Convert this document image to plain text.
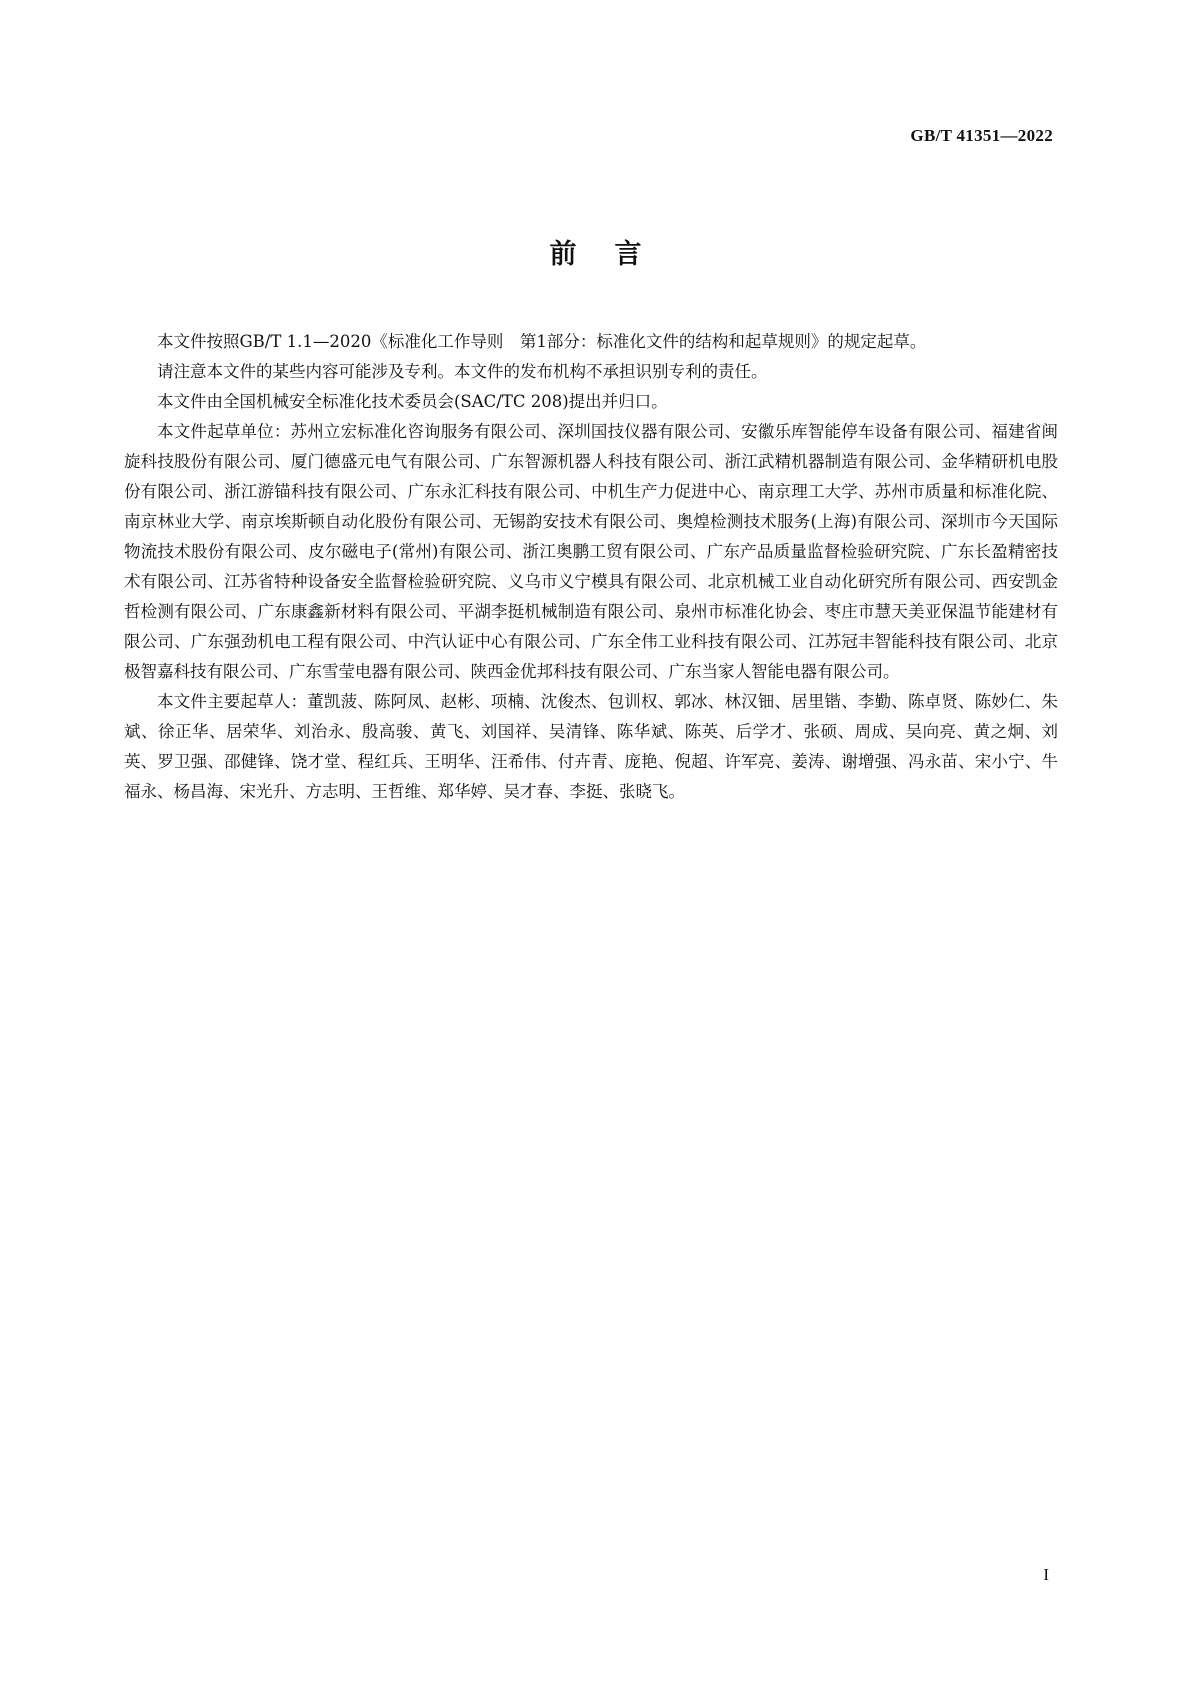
GB/T 41351—2022
前言

本文件按照GB/T 1.1—2020《标准化工作导则　第1部分：标准化文件的结构和起草规则》的规定起草。

请注意本文件的某些内容可能涉及专利。本文件的发布机构不承担识别专利的责任。

本文件由全国机械安全标准化技术委员会(SAC/TC 208)提出并归口。

本文件起草单位：苏州立宏标准化咨询服务有限公司、深圳国技仪器有限公司、安徽乐库智能停车设备有限公司、福建省闽旋科技股份有限公司、厦门德盛元电气有限公司、广东智源机器人科技有限公司、浙江武精机器制造有限公司、金华精研机电股份有限公司、浙江游锚科技有限公司、广东永汇科技有限公司、中机生产力促进中心、南京理工大学、苏州市质量和标准化院、南京林业大学、南京埃斯顿自动化股份有限公司、无锡韵安技术有限公司、奥煌检测技术服务(上海)有限公司、深圳市今天国际物流技术股份有限公司、皮尔磁电子(常州)有限公司、浙江奥鹏工贸有限公司、广东产品质量监督检验研究院、广东长盈精密技术有限公司、江苏省特种设备安全监督检验研究院、义乌市义宁模具有限公司、北京机械工业自动化研究所有限公司、西安凯金哲检测有限公司、广东康鑫新材料有限公司、平湖李挺机械制造有限公司、泉州市标准化协会、枣庄市慧天美亚保温节能建材有限公司、广东强劲机电工程有限公司、中汽认证中心有限公司、广东全伟工业科技有限公司、江苏冠丰智能科技有限公司、北京极智嘉科技有限公司、广东雪莹电器有限公司、陕西金优邦科技有限公司、广东当家人智能电器有限公司。

本文件主要起草人：董凯菠、陈阿凤、赵彬、项楠、沈俊杰、包训权、郭冰、林汉钿、居里锴、李勤、陈卓贤、陈妙仁、朱斌、徐正华、居荣华、刘治永、殷高骏、黄飞、刘国祥、吴清锋、陈华斌、陈英、后学才、张硕、周成、吴向亮、黄之炯、刘英、罗卫强、邵健锋、饶才堂、程红兵、王明华、汪希伟、付卉青、庞艳、倪超、许军亮、姜涛、谢增强、冯永苗、宋小宁、牛福永、杨昌海、宋光升、方志明、王哲维、郑华婷、吴才春、李挺、张晓飞。

I
